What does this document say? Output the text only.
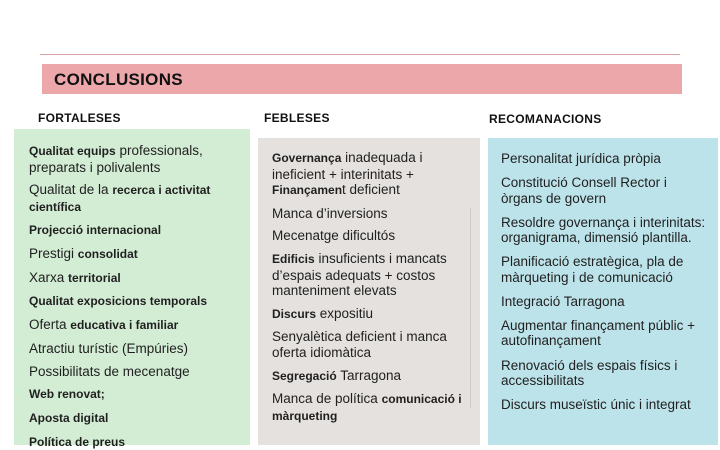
CONCLUSIONS
FORTALESES	FEBLESES	RECOMANACIONS

Qualitat equips professionals, preparats i polivalents

Qualitat de la recerca i activitat científica

Projecció internacional

Prestigi consolidat

Xarxa territorial

Qualitat exposicions temporals

Oferta educativa i familiar

Atractiu turístic (Empúries)

Possibilitats de mecenatge

Web renovat;

Aposta digital

Política de preus

Governança inadequada i ineficient + interinitats + Finançament deficient

Manca d’inversions

Mecenatge dificultós

Edificis insuficients i mancats d’espais adequats + costos manteniment elevats

Discurs expositiu

Senyalètica deficient i manca oferta idiomàtica

Segregació Tarragona

Manca de política comunicació i màrqueting

Personalitat jurídica pròpia

Constitució Consell Rector i òrgans de govern

Resoldre governança i interinitats: organigrama, dimensió plantilla.

Planificació estratègica, pla de màrqueting i de comunicació

Integració Tarragona

Augmentar finançament públic + autofinançament

Renovació dels espais físics i accessibilitats

Discurs museïstic únic i integrat
